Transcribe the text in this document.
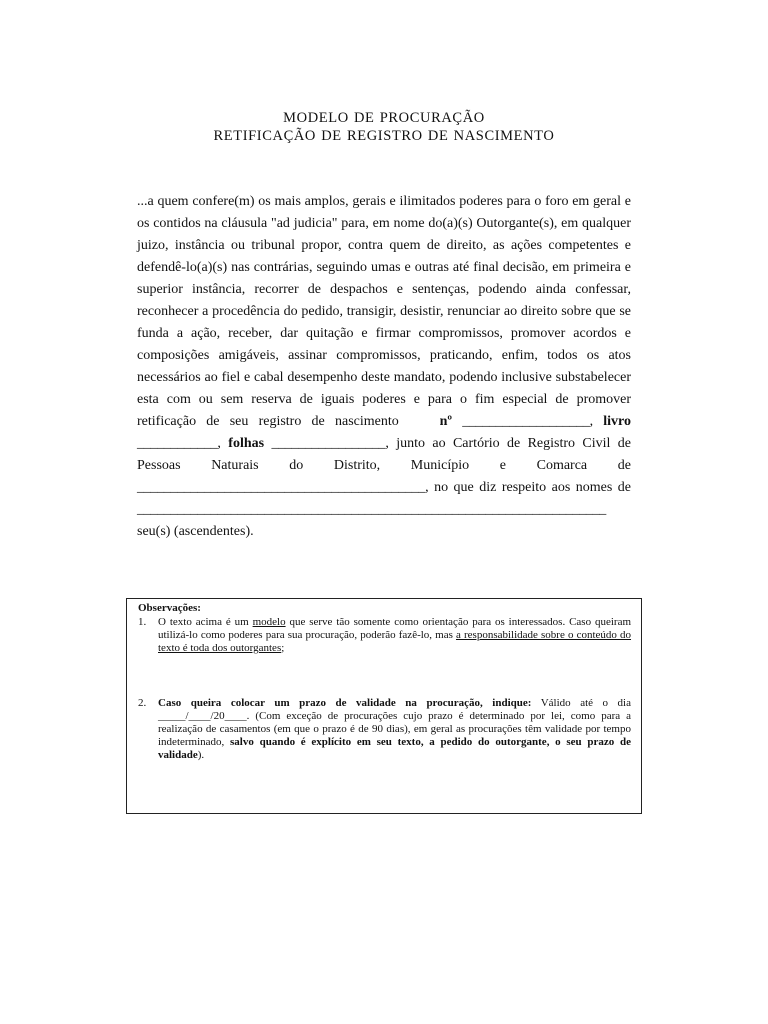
MODELO DE PROCURAÇÃO
RETIFICAÇÃO DE REGISTRO DE NASCIMENTO

...a quem confere(m) os mais amplos, gerais e ilimitados poderes para o foro em geral e os contidos na cláusula "ad judicia" para, em nome do(a)(s) Outorgante(s), em qualquer juizo, instância ou tribunal propor, contra quem de direito, as ações competentes e defendê-lo(a)(s) nas contrárias, seguindo umas e outras até final decisão, em primeira e superior instância, recorrer de despachos e sentenças, podendo ainda confessar, reconhecer a procedência do pedido, transigir, desistir, renunciar ao direito sobre que se funda a ação, receber, dar quitação e firmar compromissos, promover acordos e composições amigáveis, assinar compromissos, praticando, enfim, todos os atos necessários ao fiel e cabal desempenho deste mandato, podendo inclusive substabelecer esta com ou sem reserva de iguais poderes e para o fim especial de promover retificação de seu registro de nascimento	nº ___________________, livro ____________, folhas _________________, junto ao Cartório de Registro Civil de Pessoas Naturais do Distrito, Município e Comarca de ___________________________________________, no que diz respeito aos nomes de ______________________________________________________________________ seu(s) (ascendentes).

Observações:
1.	O texto acima é um modelo que serve tão somente como orientação para os interessados. Caso queiram utilizá-lo como poderes para sua procuração, poderão fazê-lo, mas a responsabilidade sobre o conteúdo do texto é toda dos outorgantes;
2.	Caso queira colocar um prazo de validade na procuração, indique: Válido até o dia _____/____/20____. (Com exceção de procurações cujo prazo é determinado por lei, como para a realização de casamentos (em que o prazo é de 90 dias), em geral as procurações têm validade por tempo indeterminado, salvo quando é explícito em seu texto, a pedido do outorgante, o seu prazo de validade).
